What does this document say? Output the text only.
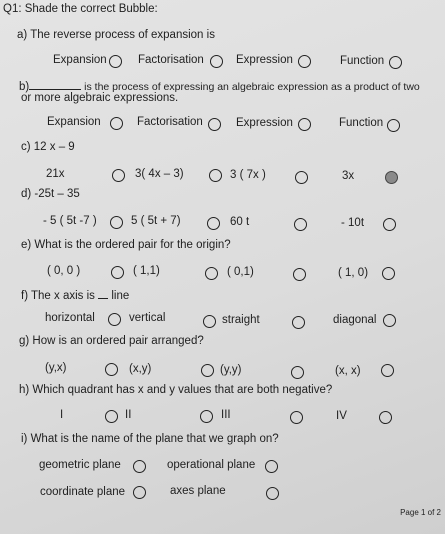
Q1: Shade the correct Bubble:
a) The reverse process of expansion is
Expansion	Factorisation	Expression	Function
b)	is the process of expressing an algebraic expression as a product of two
or more algebraic expressions.
Expansion	Factorisation	Expression	Function
c) 12 x – 9
21x	3( 4x – 3)	3 ( 7x )	3x
d) -25t – 35
- 5 ( 5t -7 )	5 ( 5t + 7)	60 t	- 10t
e) What is the ordered pair for the origin?
( 0, 0 )	( 1,1)	( 0,1)	( 1, 0)
f) The x axis is line
horizontal	vertical	straight	diagonal
g) How is an ordered pair arranged?
(y,x)	(x,y)	(y,y)	(x, x)
h) Which quadrant has x and y values that are both negative?
I	II	III	IV
i) What is the name of the plane that we graph on?
geometric plane	operational plane
coordinate plane	axes plane
Page 1 of 2
